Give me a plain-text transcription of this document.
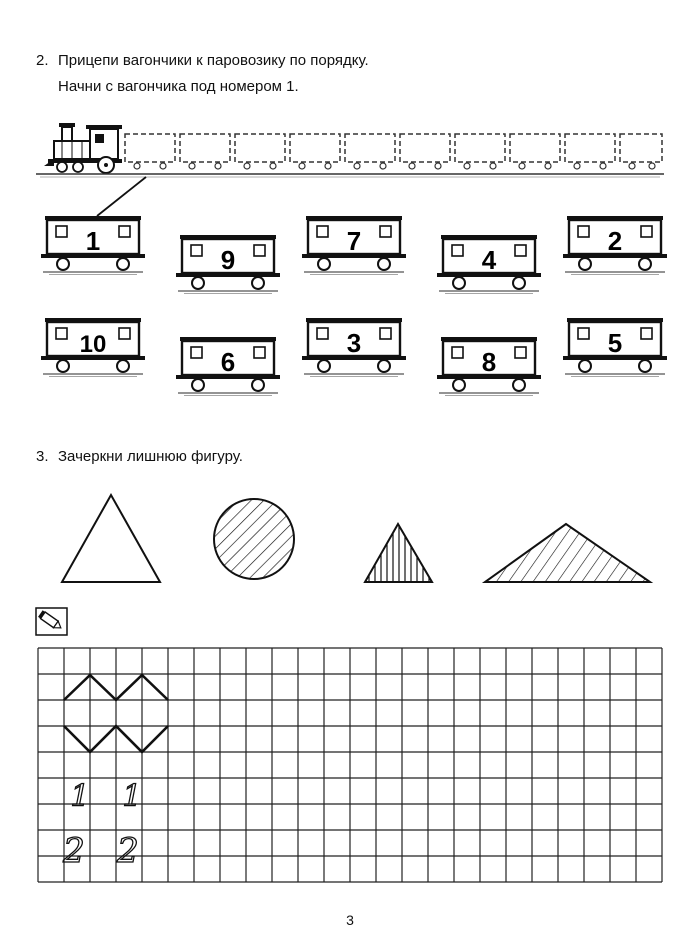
2. Прицепи вагончики к паровозику по порядку.
Начни с вагончика под номером 1.
3. Зачеркни лишнюю фигуру.
1
9
7
4
2
10
6
3
8
5
1 1
2 2
3
